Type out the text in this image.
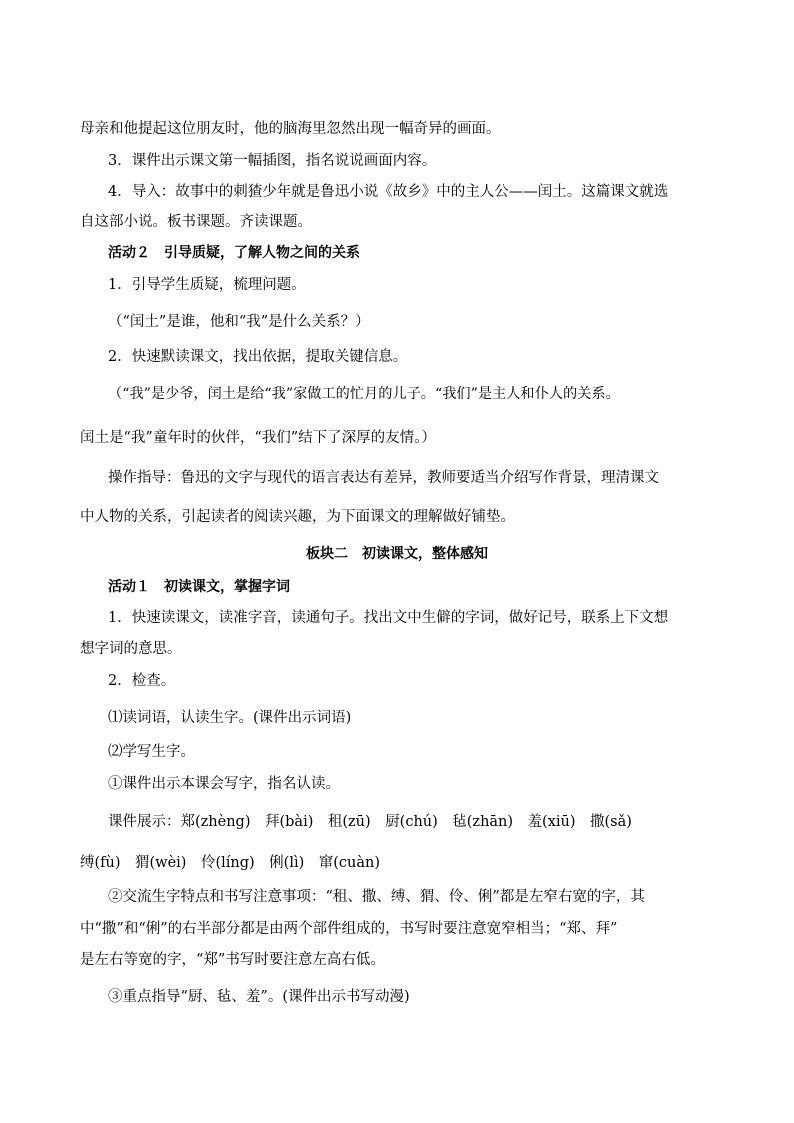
母亲和他提起这位朋友时，他的脑海里忽然出现一幅奇异的画面。
3．课件出示课文第一幅插图，指名说说画面内容。
4．导入：故事中的刺猹少年就是鲁迅小说《故乡》中的主人公——闰土。这篇课文就选
自这部小说。板书课题。齐读课题。
活动２　引导质疑，了解人物之间的关系
1．引导学生质疑，梳理问题。
（“闰土”是谁，他和“我”是什么关系？）
2．快速默读课文，找出依据，提取关键信息。
（“我”是少爷，闰土是给“我”家做工的忙月的儿子。“我们”是主人和仆人的关系。
闰土是“我”童年时的伙伴，“我们”结下了深厚的友情。）
操作指导：鲁迅的文字与现代的语言表达有差异，教师要适当介绍写作背景，理清课文
中人物的关系，引起读者的阅读兴趣，为下面课文的理解做好铺垫。
板块二　初读课文，整体感知
活动１　初读课文，掌握字词
1．快速读课文，读准字音，读通句子。找出文中生僻的字词，做好记号，联系上下文想
想字词的意思。
2．检查。
⑴读词语，认读生字。(课件出示词语)
⑵学写生字。
①课件出示本课会写字，指名认读。
课件展示：郑(zhèng)　拜(bài)　租(zū)　厨(chú)　毡(zhān)　羞(xiū)　撒(sǎ)
缚(fù)　猬(wèi)　伶(líng)　俐(lì)　窜(cuàn)
②交流生字特点和书写注意事项：“租、撒、缚、猬、伶、俐”都是左窄右宽的字，其
中“撒”和“俐”的右半部分都是由两个部件组成的，书写时要注意宽窄相当；“郑、拜”
是左右等宽的字，“郑”书写时要注意左高右低。
③重点指导“厨、毡、羞”。(课件出示书写动漫)
